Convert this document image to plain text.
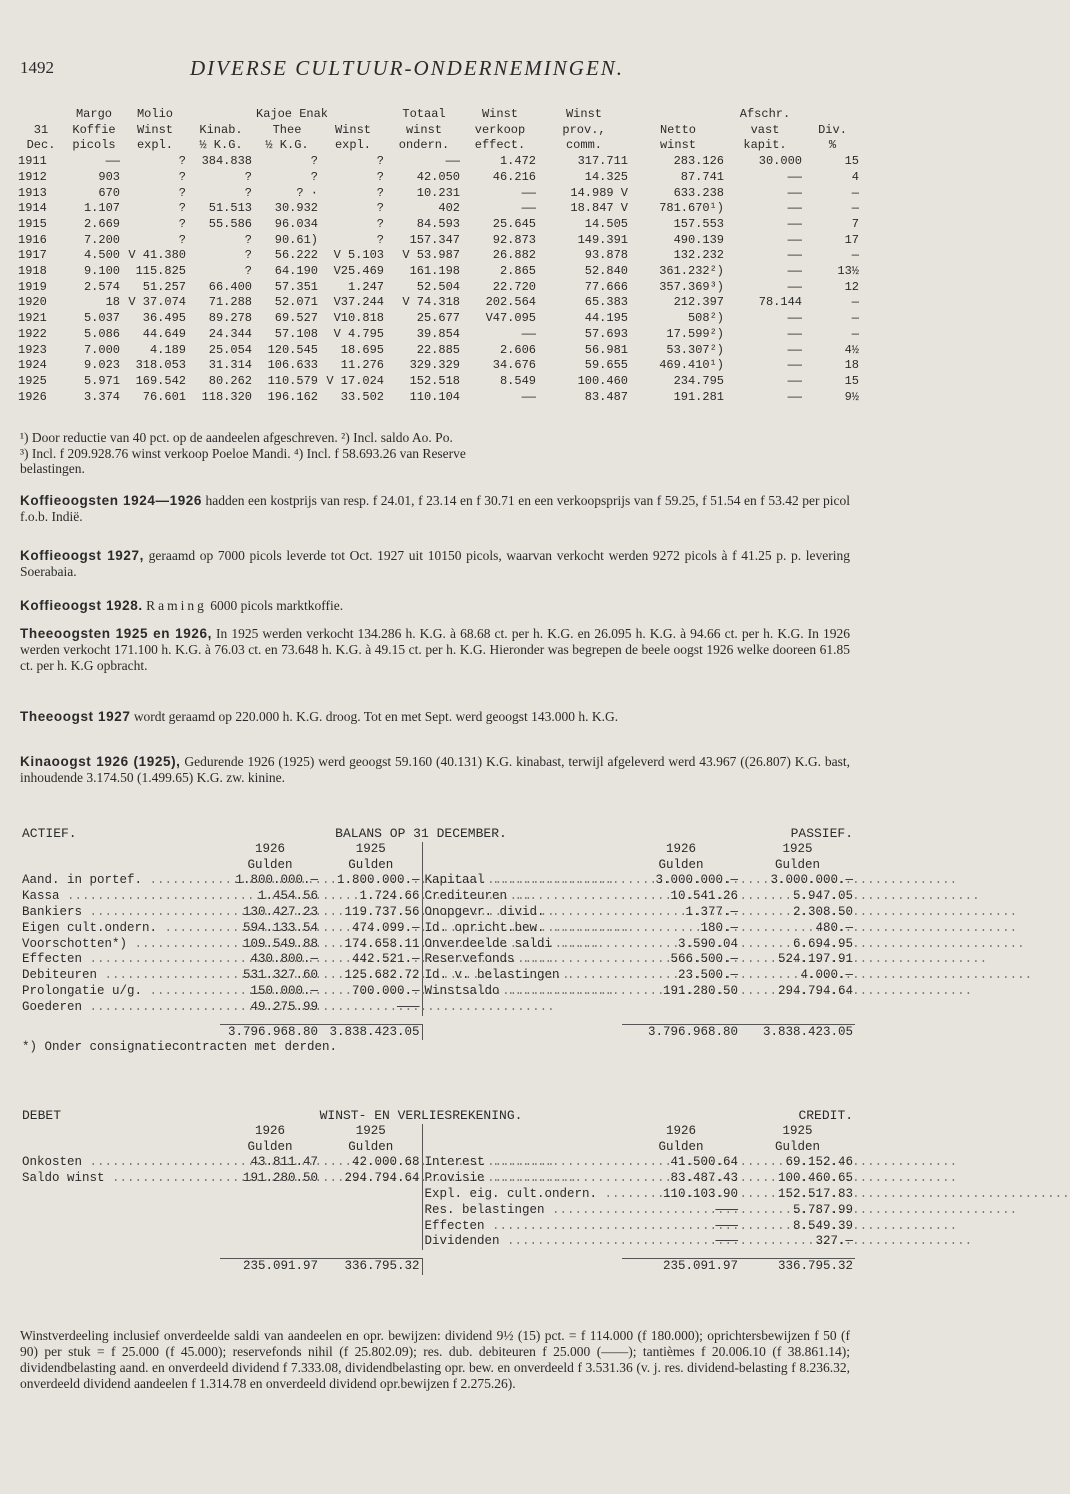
1492	DIVERSE CULTUUR-ONDERNEMINGEN.
	Margo	Molio		Kajoe Enak		Totaal	Winst	Winst		Afschr.	
31	Koffie	Winst	Kinab.	Thee	Winst	winst	verkoop	prov.,	Netto	vast	Div.
Dec.	picols	expl.	½ K.G.	½ K.G.	expl.	ondern.	effect.	comm.	winst	kapit.	%
1911	——	?	384.838	?	?	——	1.472	317.711	283.126	30.000	15
1912	903	?	?	?	?	42.050	46.216	14.325	87.741	——	4
1913	670	?	?	? ·	?	10.231	——	14.989 V	633.238	——	—
1914	1.107	?	51.513	30.932	?	402	——	18.847 V	781.670¹)	——	—
1915	2.669	?	55.586	96.034	?	84.593	25.645	14.505	157.553	——	7
1916	7.200	?	?	90.61)	?	157.347	92.873	149.391	490.139	——	17
1917	4.500	V 41.380	?	56.222	V 5.103	V 53.987	26.882	93.878	132.232	——	—
1918	9.100	115.825	?	64.190	V25.469	161.198	2.865	52.840	361.232²)	——	13½
1919	2.574	51.257	66.400	57.351	1.247	52.504	22.720	77.666	357.369³)	——	12
1920	18	V 37.074	71.288	52.071	V37.244	V 74.318	202.564	65.383	212.397	78.144	—
1921	5.037	36.495	89.278	69.527	V10.818	25.677	V47.095	44.195	508²)	——	—
1922	5.086	44.649	24.344	57.108	V 4.795	39.854	——	57.693	17.599²)	——	—
1923	7.000	4.189	25.054	120.545	18.695	22.885	2.606	56.981	53.307²)	——	4½
1924	9.023	318.053	31.314	106.633	11.276	329.329	34.676	59.655	469.410¹)	——	18
1925	5.971	169.542	80.262	110.579	V 17.024	152.518	8.549	100.460	234.795	——	15
1926	3.374	76.601	118.320	196.162	33.502	110.104	——	83.487	191.281	——	9½
¹) Door reductie van 40 pct. op de aandeelen afgeschreven. ²) Incl. saldo Ao. Po.
³) Incl. f 209.928.76 winst verkoop Poeloe Mandi. ⁴) Incl. f 58.693.26 van Reserve
belastingen.
Koffieoogsten 1924—1926 hadden een kostprijs van resp. f 24.01, f 23.14 en f 30.71 en een verkoopsprijs van f 59.25, f 51.54 en f 53.42 per picol f.o.b. Indië.
Koffieoogst 1927, geraamd op 7000 picols leverde tot Oct. 1927 uit 10150 picols, waarvan verkocht werden 9272 picols à f 41.25 p. p. levering Soerabaia.
Koffieoogst 1928. Raming 6000 picols marktkoffie.
Theeoogsten 1925 en 1926, In 1925 werden verkocht 134.286 h. K.G. à 68.68 ct. per h. K.G. en 26.095 h. K.G. à 94.66 ct. per h. K.G. In 1926 werden verkocht 171.100 h. K.G. à 76.03 ct. en 73.648 h. K.G. à 49.15 ct. per h. K.G. Hieronder was begrepen de beele oogst 1926 welke dooreen 61.85 ct. per h. K.G opbracht.
Theeoogst 1927 wordt geraamd op 220.000 h. K.G. droog. Tot en met Sept. werd geoogst 143.000 h. K.G.
Kinaoogst 1926 (1925), Gedurende 1926 (1925) werd geoogst 59.160 (40.131) K.G. kinabast, terwijl afgeleverd werd 43.967 ((26.807) K.G. bast, inhoudende 3.174.50 (1.499.65) K.G. zw. kinine.
ACTIEF.	BALANS OP 31 DECEMBER.			PASSIEF.	
	1926	1925		1926	1925
	Gulden	Gulden		Gulden	Gulden
Aand. in portef. .....	1.800.000.—	1.800.000.—	Kapitaal .....	3.000.000.—	3.000.000.—
Kassa .....	1.454.56	1.724.66	Crediteuren .....	10.541.26	5.947.05
Bankiers .....	130.427.23	119.737.56	Onopgevr. divid. .....	1.377.—	2.308.50
Eigen cult.ondern. .....	594.133.54	474.099.—	Id. opricht.bew. .....	180.—	480.—
Voorschotten*) .....	109.549.88	174.658.11	Onverdeelde saldi .....	3.590.04	6.694.95
Effecten .....	430.800.—	442.521.—	Reservefonds .....	566.500.—	524.197.91
Debiteuren .....	531.327.60	125.682.72	Id. v. belastingen .....	23.500.—	4.000.—
Prolongatie u/g. .....	150.000.—	700.000.—	Winstsaldo .....	191.280.50	294.794.64
Goederen .....	49.275.99	———			

	3.796.968.80	3.838.423.05		3.796.968.80	3.838.423.05
*) Onder consignatiecontracten met derden.					
DEBET	WINST- EN VERLIESREKENING.			CREDIT.	
	1926	1925		1926	1925
	Gulden	Gulden		Gulden	Gulden
Onkosten .....	43.811.47	42.000.68	Interest .....	41.500.64	69.152.46
Saldo winst .....	191.280.50	294.794.64	Provisie .....	83.487.43	100.460.65
			Expl. eig. cult.ondern. .....	110.103.90	152.517.83
			Res. belastingen .....	———	5.787.99
			Effecten .....	———	8.549.39
			Dividenden .....	———	327.—

	235.091.97	336.795.32		235.091.97	336.795.32
Winstverdeeling inclusief onverdeelde saldi van aandeelen en opr. bewijzen: dividend 9½ (15) pct. = f 114.000 (f 180.000); oprichtersbewijzen f 50 (f 90) per stuk = f 25.000 (f 45.000); reservefonds nihil (f 25.802.09); res. dub. debiteuren f 25.000 (——); tantièmes f 20.006.10 (f 38.861.14); dividendbelasting aand. en onverdeeld dividend f 7.333.08, dividendbelasting opr. bew. en onverdeeld f 3.531.36 (v. j. res. dividend-belasting f 8.236.32, onverdeeld dividend aandeelen f 1.314.78 en onverdeeld dividend opr.bewijzen f 2.275.26).
